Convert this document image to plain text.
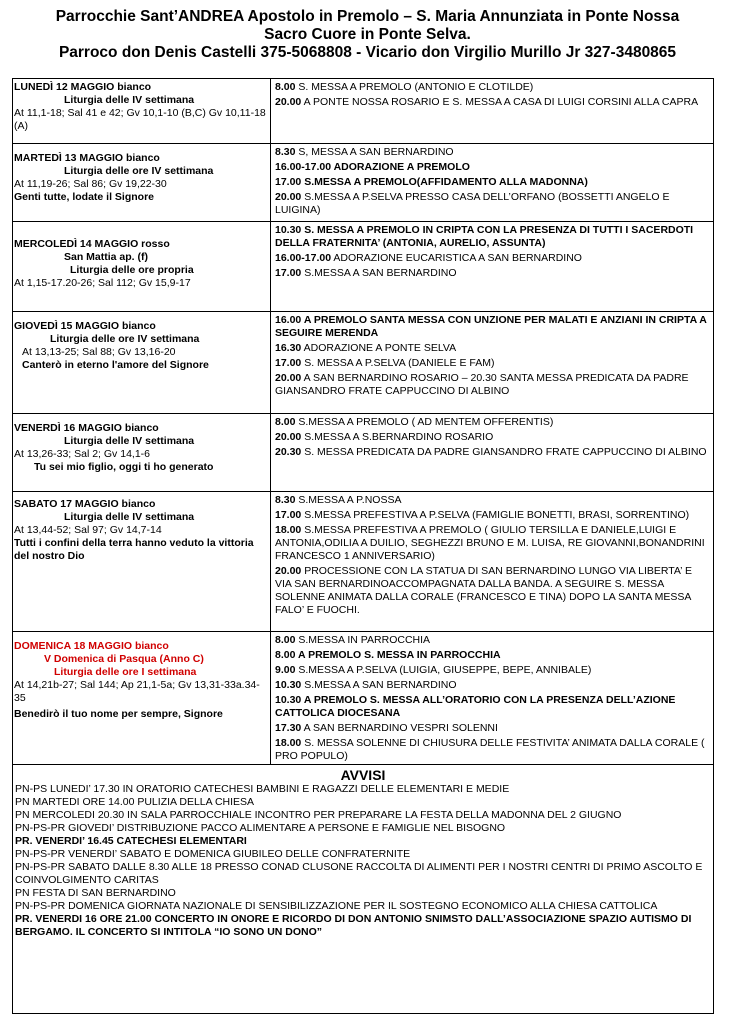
Parrocchie Sant’ANDREA Apostolo in Premolo – S. Maria Annunziata in Ponte Nossa
Sacro Cuore in Ponte Selva.
Parroco don Denis Castelli 375-5068808 - Vicario don Virgilio Murillo Jr 327-3480865
LUNEDÌ 12 MAGGIO bianco
Liturgia delle IV settimana
At 11,1-18; Sal 41 e 42; Gv 10,1-10 (B,C) Gv 10,11-18 (A)
8.00 S. MESSA A PREMOLO (ANTONIO E CLOTILDE)
20.00 A PONTE NOSSA ROSARIO E S. MESSA A CASA DI LUIGI CORSINI ALLA CAPRA
MARTEDÌ 13 MAGGIO bianco
Liturgia delle ore IV settimana
At 11,19-26; Sal 86; Gv 19,22-30
Genti tutte, lodate il Signore
8.30 S, MESSA A SAN BERNARDINO
16.00-17.00 ADORAZIONE A PREMOLO
17.00 S.MESSA A PREMOLO(AFFIDAMENTO ALLA MADONNA)
20.00 S.MESSA A P.SELVA PRESSO CASA DELL’ORFANO (BOSSETTI ANGELO E LUIGINA)
MERCOLEDÌ 14 MAGGIO rosso
San Mattia ap. (f)
Liturgia delle ore propria
At 1,15-17.20-26; Sal 112; Gv 15,9-17
10.30 S. MESSA A PREMOLO IN CRIPTA CON LA PRESENZA DI TUTTI I SACERDOTI DELLA FRATERNITA’ (ANTONIA, AURELIO, ASSUNTA)
16.00-17.00 ADORAZIONE EUCARISTICA A SAN BERNARDINO
17.00 S.MESSA A SAN BERNARDINO
GIOVEDÌ 15 MAGGIO bianco
Liturgia delle ore IV settimana
At 13,13-25; Sal 88; Gv 13,16-20
Canterò in eterno l'amore del Signore
16.00 A PREMOLO SANTA MESSA CON UNZIONE PER MALATI E ANZIANI IN CRIPTA A SEGUIRE MERENDA
16.30 ADORAZIONE A PONTE SELVA
17.00 S. MESSA A P.SELVA (DANIELE E FAM)
20.00 A SAN BERNARDINO ROSARIO – 20.30 SANTA MESSA PREDICATA DA PADRE GIANSANDRO FRATE CAPPUCCINO DI ALBINO
VENERDÌ 16 MAGGIO bianco
Liturgia delle IV settimana
At 13,26-33; Sal 2; Gv 14,1-6
Tu sei mio figlio, oggi ti ho generato
8.00 S.MESSA A PREMOLO ( AD MENTEM OFFERENTIS)
20.00 S.MESSA A S.BERNARDINO ROSARIO
20.30 S. MESSA PREDICATA DA PADRE GIANSANDRO FRATE CAPPUCCINO DI ALBINO
SABATO 17 MAGGIO bianco
Liturgia delle IV settimana
At 13,44-52; Sal 97; Gv 14,7-14
Tutti i confini della terra hanno veduto la vittoria del nostro Dio
8.30 S.MESSA A P.NOSSA
17.00 S.MESSA PREFESTIVA A P.SELVA (FAMIGLIE BONETTI, BRASI, SORRENTINO)
18.00 S.MESSA PREFESTIVA A PREMOLO ( GIULIO TERSILLA E DANIELE,LUIGI E ANTONIA,ODILIA A DUILIO, SEGHEZZI BRUNO E M. LUISA, RE GIOVANNI,BONANDRINI FRANCESCO 1 ANNIVERSARIO)
20.00 PROCESSIONE CON LA STATUA DI SAN BERNARDINO LUNGO VIA LIBERTA’ E VIA SAN BERNARDINOACCOMPAGNATA DALLA BANDA. A SEGUIRE S. MESSA SOLENNE ANIMATA DALLA CORALE (FRANCESCO E TINA) DOPO LA SANTA MESSA FALO’ E FUOCHI.
DOMENICA 18 MAGGIO bianco
V Domenica di Pasqua (Anno C)
Liturgia delle ore I settimana
At 14,21b-27; Sal 144; Ap 21,1-5a; Gv 13,31-33a.34-35
Benedirò il tuo nome per sempre, Signore
8.00 S.MESSA IN PARROCCHIA
8.00 A PREMOLO S. MESSA IN PARROCCHIA
9.00 S.MESSA A P.SELVA (LUIGIA, GIUSEPPE, BEPE, ANNIBALE)
10.30 S.MESSA A SAN BERNARDINO
10.30 A PREMOLO S. MESSA ALL’ORATORIO CON LA PRESENZA DELL’AZIONE CATTOLICA DIOCESANA
17.30 A SAN BERNARDINO VESPRI SOLENNI
18.00 S. MESSA SOLENNE DI CHIUSURA DELLE FESTIVITA’ ANIMATA DALLA CORALE ( PRO POPULO)
AVVISI
PN-PS LUNEDI’ 17.30 IN ORATORIO CATECHESI BAMBINI E RAGAZZI DELLE ELEMENTARI E MEDIE
PN MARTEDI ORE 14.00 PULIZIA DELLA CHIESA
PN MERCOLEDI 20.30 IN SALA PARROCCHIALE INCONTRO PER PREPARARE LA FESTA DELLA MADONNA DEL 2 GIUGNO
PN-PS-PR GIOVEDI’ DISTRIBUZIONE PACCO ALIMENTARE A PERSONE E FAMIGLIE NEL BISOGNO
PR. VENERDI’ 16.45 CATECHESI ELEMENTARI
PN-PS-PR VENERDI’ SABATO E DOMENICA GIUBILEO DELLE CONFRATERNITE
PN-PS-PR SABATO DALLE 8.30 ALLE 18 PRESSO CONAD CLUSONE RACCOLTA DI ALIMENTI PER I NOSTRI CENTRI DI PRIMO ASCOLTO E COINVOLGIMENTO CARITAS
PN FESTA DI SAN BERNARDINO
PN-PS-PR DOMENICA GIORNATA NAZIONALE DI SENSIBILIZZAZIONE PER IL SOSTEGNO ECONOMICO ALLA CHIESA CATTOLICA
PR. VENERDI 16 ORE 21.00 CONCERTO IN ONORE E RICORDO DI DON ANTONIO SNIMSTO DALL’ASSOCIAZIONE SPAZIO AUTISMO DI BERGAMO. IL CONCERTO SI INTITOLA “IO SONO UN DONO”
